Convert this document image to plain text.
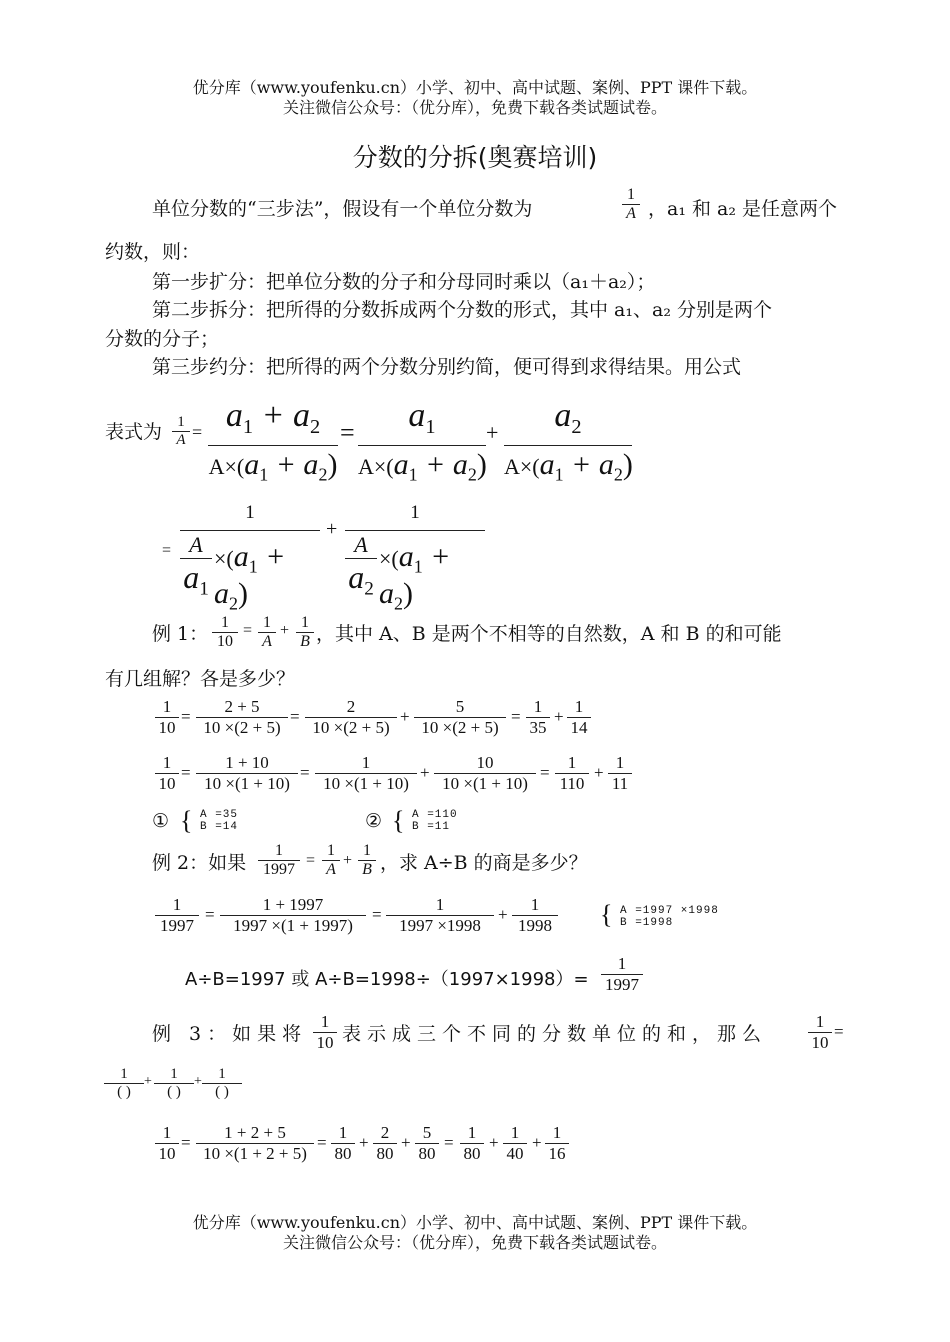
优分库（www.youfenku.cn）小学、初中、高中试题、案例、PPT 课件下载。
关注微信公众号：（优分库），免费下载各类试题试卷。
分数的分拆(奥赛培训)
单位分数的“三步法”，假设有一个单位分数为
1
A ，a₁ 和 a₂ 是任意两个
约数，则：
第一步扩分：把单位分数的分子和分母同时乘以（a₁＋a₂）；
第二步拆分：把所得的分数拆成两个分数的形式，其中 a₁、a₂ 分别是两个
分数的分子；
第三步约分：把所得的两个分数分别约简，便可得到求得结果。用公式
表式为	1
$A = a_1 + a_2$
$A\times(a_1 + a_2)$
=	$a_1$
$A\times(a_1 + a_2)$
+	$a_2$
$A\times(a_1 + a_2)$
=
1
A
$a_1$
$\times(a_1 + a_2)$
+
1
A
$a_2$
$\times(a_1 + a_2)$
例 1：
1
10
= 1
A
+ 1
B ，其中 A、B 是两个不相等的自然数，A 和 B 的和可能
有几组解？各是多少？
1
10
=
2 + 5
10 ×(2 + 5)
=
2
10 ×(2 + 5)
+
5
10 ×(2 + 5)
=
1
35
+
1
14
1
10
=
1 + 10
10 ×(1 + 10)
=
1
10 ×(1 + 10)
+
10
10 ×(1 + 10)
=
1
110
+
1
11
① { A =35
B =14	② { A =110
B =11
例 2：如果
1
1997
=
1
A
+
1
B ，求 A÷B 的商是多少？
1
1997
=
1 + 1997
1997 ×(1 + 1997)
=
1
1997 ×1998
+
1
1998 { A =1997 ×1998
B =1998
A÷B=1997 或 A÷B=1998÷（1997×1998）=
1
1997
例 3：如果将
1
10 表示成三个不同的分数单位的和，那么
1
10
=
1
( )
+	1
( )
+	1
( )
1
10
=
1 + 2 + 5
10 ×(1 + 2 + 5)
=
1
80
+
2
80
+
5
80
=
1
80
+
1
40
+
1
16
优分库（www.youfenku.cn）小学、初中、高中试题、案例、PPT 课件下载。
关注微信公众号：（优分库），免费下载各类试题试卷。
